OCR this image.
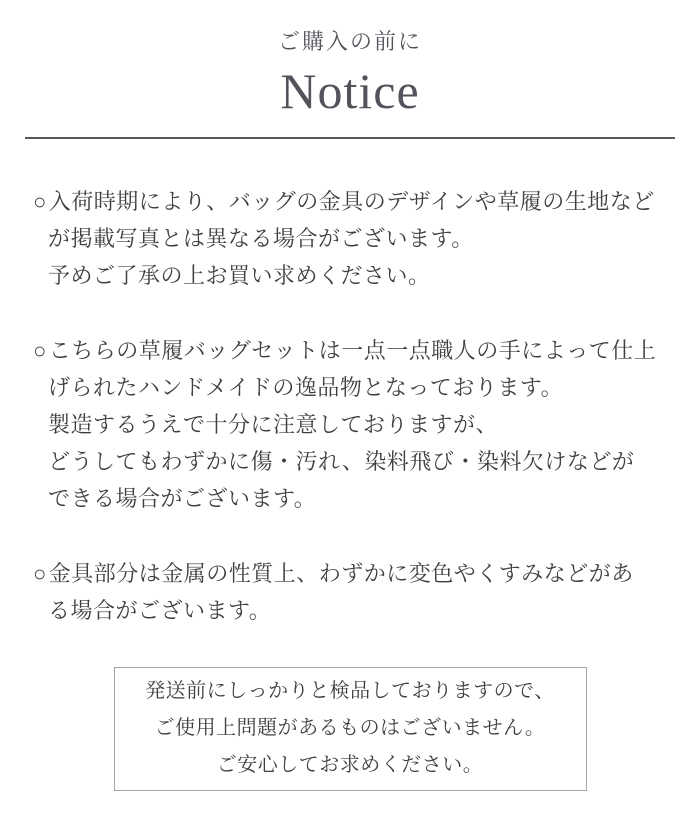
ご購入の前に
Notice
○入荷時期により、バッグの金具のデザインや草履の生地など
が掲載写真とは異なる場合がございます。
予めご了承の上お買い求めください。
○こちらの草履バッグセットは一点一点職人の手によって仕上
げられたハンドメイドの逸品物となっております。
製造するうえで十分に注意しておりますが、
どうしてもわずかに傷・汚れ、染料飛び・染料欠けなどが
できる場合がございます。
○金具部分は金属の性質上、わずかに変色やくすみなどがあ
る場合がございます。
発送前にしっかりと検品しておりますので、
ご使用上問題があるものはございません。
ご安心してお求めください。
